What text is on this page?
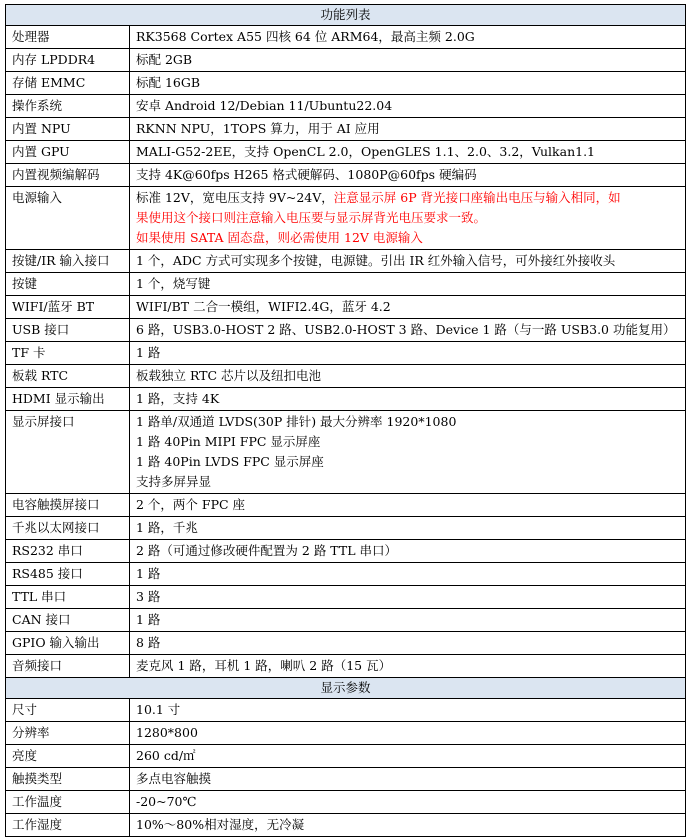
功能列表	
处理器	RK3568 Cortex A55 四核 64 位 ARM64，最高主频 2.0G

内存 LPDDR4	标配 2GB

存储 EMMC	标配 16GB

操作系统	安卓 Android 12/Debian 11/Ubuntu22.04

内置 NPU	RKNN NPU，1TOPS 算力，用于 AI 应用

内置 GPU	MALI-G52-2EE，支持 OpenCL 2.0，OpenGLES 1.1、2.0、3.2，Vulkan1.1

内置视频编解码	支持 4K@60fps H265 格式硬解码、1080P@60fps 硬编码

电源输入	标准 12V，宽电压支持 9V~24V，注意显示屏 6P 背光接口座输出电压与输入相同，如
果使用这个接口则注意输入电压要与显示屏背光电压要求一致。
如果使用 SATA 固态盘，则必需使用 12V 电源输入

按键/IR 输入接口	1 个，ADC 方式可实现多个按键，电源键。引出 IR 红外输入信号，可外接红外接收头

按键	1 个，烧写键

WIFI/蓝牙 BT	WIFI/BT 二合一模组，WIFI2.4G，蓝牙 4.2

USB 接口	6 路，USB3.0-HOST 2 路、USB2.0-HOST 3 路、Device 1 路（与一路 USB3.0 功能复用）

TF 卡	1 路

板载 RTC	板载独立 RTC 芯片以及纽扣电池

HDMI 显示输出	1 路，支持 4K

显示屏接口	1 路单/双通道 LVDS(30P 排针) 最大分辨率 1920*1080
1 路 40Pin MIPI FPC 显示屏座
1 路 40Pin LVDS FPC 显示屏座
支持多屏异显

电容触摸屏接口	2 个，两个 FPC 座

千兆以太网接口	1 路，千兆

RS232 串口	2 路（可通过修改硬件配置为 2 路 TTL 串口）

RS485 接口	1 路

TTL 串口	3 路

CAN 接口	1 路

GPIO 输入输出	8 路

音频接口	麦克风 1 路，耳机 1 路，喇叭 2 路（15 瓦）

显示参数	
尺寸	10.1 寸

分辨率	1280*800

亮度	260 cd/㎡

触摸类型	多点电容触摸

工作温度	-20~70℃

工作湿度	10%～80%相对湿度，无冷凝
